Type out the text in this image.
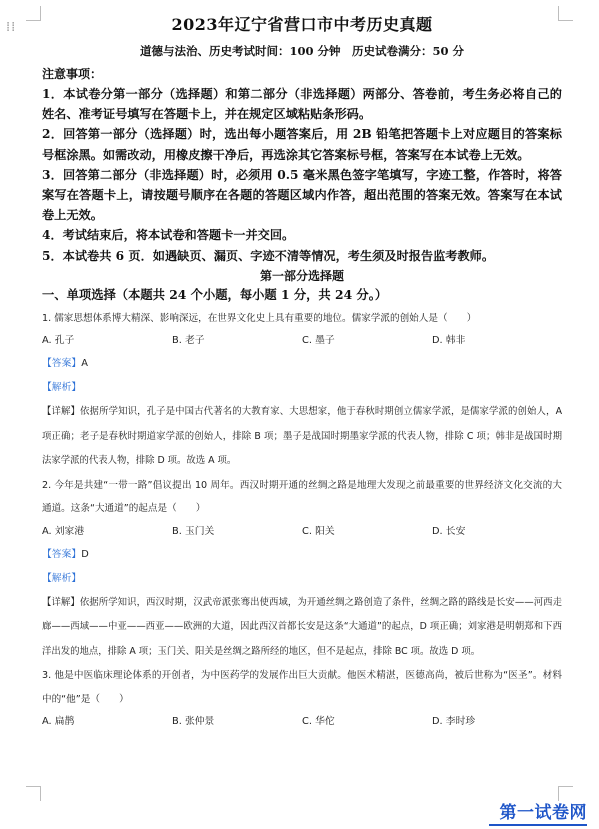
⁞⁞	2023年辽宁省营口市中考历史真题
道德与法治、历史考试时间：100 分钟　历史试卷满分：50 分
注意事项：

1．本试卷分第一部分（选择题）和第二部分（非选择题）两部分、答卷前，考生务必将自己的姓名、准考证号填写在答题卡上，并在规定区域粘贴条形码。

2．回答第一部分（选择题）时，选出每小题答案后，用 2B 铅笔把答题卡上对应题目的答案标号框涂黑。如需改动，用橡皮擦干净后，再选涂其它答案标号框，答案写在本试卷上无效。

3．回答第二部分（非选择题）时，必须用 0.5 毫米黑色签字笔填写，字迹工整，作答时，将答案写在答题卡上，请按题号顺序在各题的答题区域内作答，超出范围的答案无效。答案写在本试卷上无效。

4．考试结束后，将本试卷和答题卡一并交回。

5．本试卷共 6 页．如遇缺页、漏页、字迹不清等情况，考生须及时报告监考教师。

第一部分选择题
一、单项选择（本题共 24 个小题，每小题 1 分，共 24 分。）

1. 儒家思想体系博大精深、影响深远，在世界文化史上具有重要的地位。儒家学派的创始人是（　　）

A. 孔子	B. 老子	C. 墨子	D. 韩非
【答案】A
【解析】

【详解】依据所学知识，孔子是中国古代著名的大教育家、大思想家，他于春秋时期创立儒家学派，是儒家学派的创始人，A 项正确；老子是春秋时期道家学派的创始人，排除 B 项；墨子是战国时期墨家学派的代表人物，排除 C 项；韩非是战国时期法家学派的代表人物，排除 D 项。故选 A 项。

2. 今年是共建“一带一路”倡议提出 10 周年。西汉时期开通的丝绸之路是地理大发现之前最重要的世界经济文化交流的大通道。这条“大通道”的起点是（　　）

A. 刘家港	B. 玉门关	C. 阳关	D. 长安
【答案】D
【解析】

【详解】依据所学知识，西汉时期，汉武帝派张骞出使西域，为开通丝绸之路创造了条件，丝绸之路的路线是长安——河西走廊——西域——中亚——西亚——欧洲的大道，因此西汉首都长安是这条“大通道”的起点，D 项正确；刘家港是明朝郑和下西洋出发的地点，排除 A 项；玉门关、阳关是丝绸之路所经的地区，但不是起点，排除 BC 项。故选 D 项。

3. 他是中医临床理论体系的开创者，为中医药学的发展作出巨大贡献。他医术精湛，医德高尚，被后世称为“医圣”。材料中的“他”是（　　）

A. 扁鹊	B. 张仲景	C. 华佗	D. 李时珍
第一试卷网
